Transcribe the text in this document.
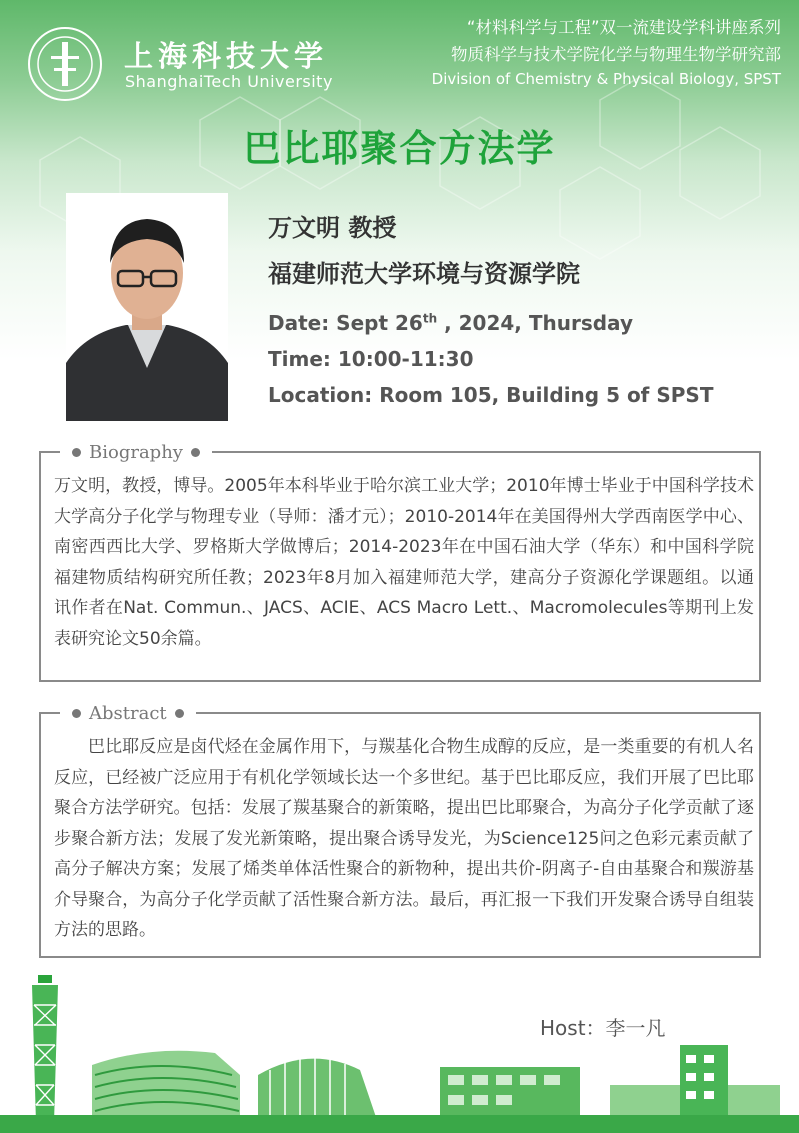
上海科技大学
ShanghaiTech University
“材料科学与工程”双一流建设学科讲座系列
物质科学与技术学院化学与物理生物学研究部
Division of Chemistry & Physical Biology, SPST
巴比耶聚合方法学
万文明 教授
福建师范大学环境与资源学院
Date: Sept 26th , 2024, Thursday
Time: 10:00-11:30
Location: Room 105, Building 5 of SPST
Biography
万文明，教授，博导。2005年本科毕业于哈尔滨工业大学；2010年博士毕业于中国科学技术大学高分子化学与物理专业（导师：潘才元）；2010-2014年在美国得州大学西南医学中心、南密西西比大学、罗格斯大学做博后；2014-2023年在中国石油大学（华东）和中国科学院福建物质结构研究所任教；2023年8月加入福建师范大学，建高分子资源化学课题组。以通讯作者在Nat. Commun.、JACS、ACIE、ACS Macro Lett.、Macromolecules等期刊上发表研究论文50余篇。
Abstract
巴比耶反应是卤代烃在金属作用下，与羰基化合物生成醇的反应，是一类重要的有机人名反应，已经被广泛应用于有机化学领域长达一个多世纪。基于巴比耶反应，我们开展了巴比耶聚合方法学研究。包括：发展了羰基聚合的新策略，提出巴比耶聚合，为高分子化学贡献了逐步聚合新方法；发展了发光新策略，提出聚合诱导发光，为Science125问之色彩元素贡献了高分子解决方案；发展了烯类单体活性聚合的新物种，提出共价-阴离子-自由基聚合和羰游基介导聚合，为高分子化学贡献了活性聚合新方法。最后，再汇报一下我们开发聚合诱导自组装方法的思路。
Host：李一凡
